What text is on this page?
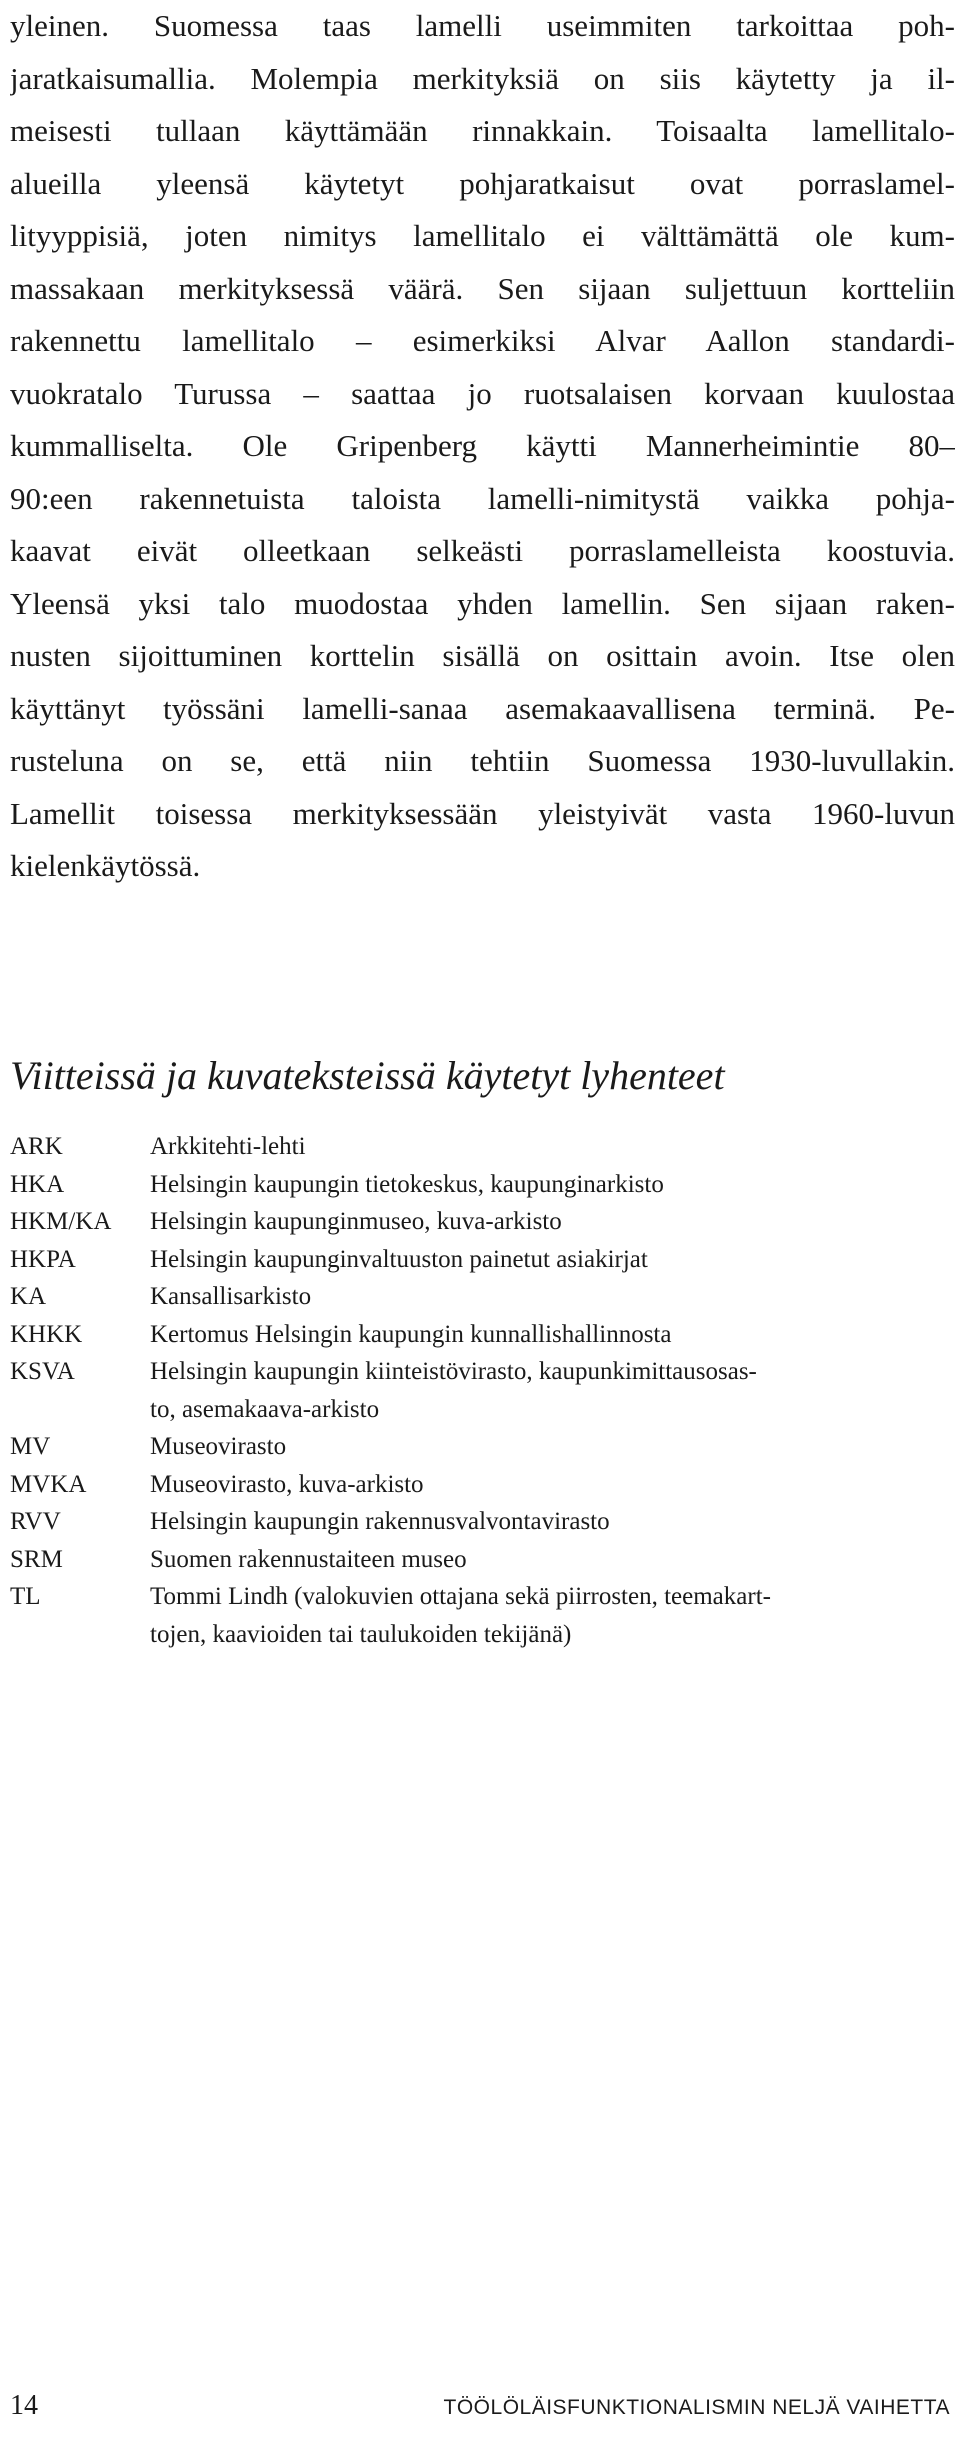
yleinen. Suomessa taas lamelli useimmiten tarkoittaa poh-
jaratkaisumallia. Molempia merkityksiä on siis käytetty ja il-
meisesti tullaan käyttämään rinnakkain. Toisaalta lamellitalo-
alueilla yleensä käytetyt pohjaratkaisut ovat porraslamel-
lityyppisiä, joten nimitys lamellitalo ei välttämättä ole kum-
massakaan merkityksessä väärä. Sen sijaan suljettuun kortteliin
rakennettu lamellitalo – esimerkiksi Alvar Aallon standardi-
vuokratalo Turussa – saattaa jo ruotsalaisen korvaan kuulostaa
kummalliselta. Ole Gripenberg käytti Mannerheimintie 80–
90:een rakennetuista taloista lamelli-nimitystä vaikka pohja-
kaavat eivät olleetkaan selkeästi porraslamelleista koostuvia.
Yleensä yksi talo muodostaa yhden lamellin. Sen sijaan raken-
nusten sijoittuminen korttelin sisällä on osittain avoin. Itse olen
käyttänyt työssäni lamelli-sanaa asemakaavallisena terminä. Pe-
rusteluna on se, että niin tehtiin Suomessa 1930-luvullakin.
Lamellit toisessa merkityksessään yleistyivät vasta 1960-luvun
kielenkäytössä.
Viitteissä ja kuvateksteissä käytetyt lyhenteet
ARK	Arkkitehti-lehti
HKA	Helsingin kaupungin tietokeskus, kaupunginarkisto
HKM/KA	Helsingin kaupunginmuseo, kuva-arkisto
HKPA	Helsingin kaupunginvaltuuston painetut asiakirjat
KA	Kansallisarkisto
KHKK	Kertomus Helsingin kaupungin kunnallishallinnosta
KSVA	Helsingin kaupungin kiinteistövirasto, kaupunkimittausosas-
to, asemakaava-arkisto
MV	Museovirasto
MVKA	Museovirasto, kuva-arkisto
RVV	Helsingin kaupungin rakennusvalvontavirasto
SRM	Suomen rakennustaiteen museo
TL	Tommi Lindh (valokuvien ottajana sekä piirrosten, teemakart-
tojen, kaavioiden tai taulukoiden tekijänä)
14	TÖÖLÖLÄISFUNKTIONALISMIN NELJÄ VAIHETTA
